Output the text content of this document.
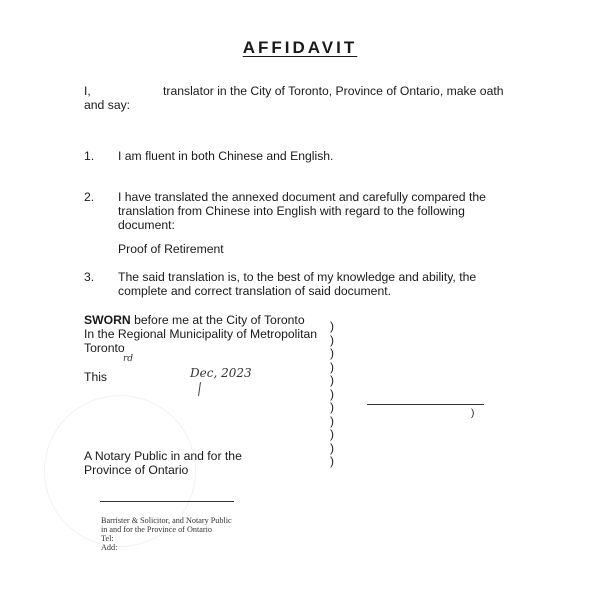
AFFIDAVIT
I,	translator in the City of Toronto, Province of Ontario, make oath
and say:
1.	I am fluent in both Chinese and English.
2.	I have translated the annexed document and carefully compared the
translation from Chinese into English with regard to the following
document:
Proof of Retirement
3.	The said translation is, to the best of my knowledge and ability, the
complete and correct translation of said document.
SWORN before me at the City of Toronto
In the Regional Municipality of Metropolitan
Toronto
This
rd
Dec, 2023
)
)
)
)
)
)
)
)
)
)
)
)
A Notary Public in and for the
Province of Ontario
Barrister & Solicitor, and Notary Public
in and for the Province of Ontario
Tel:
Add:
